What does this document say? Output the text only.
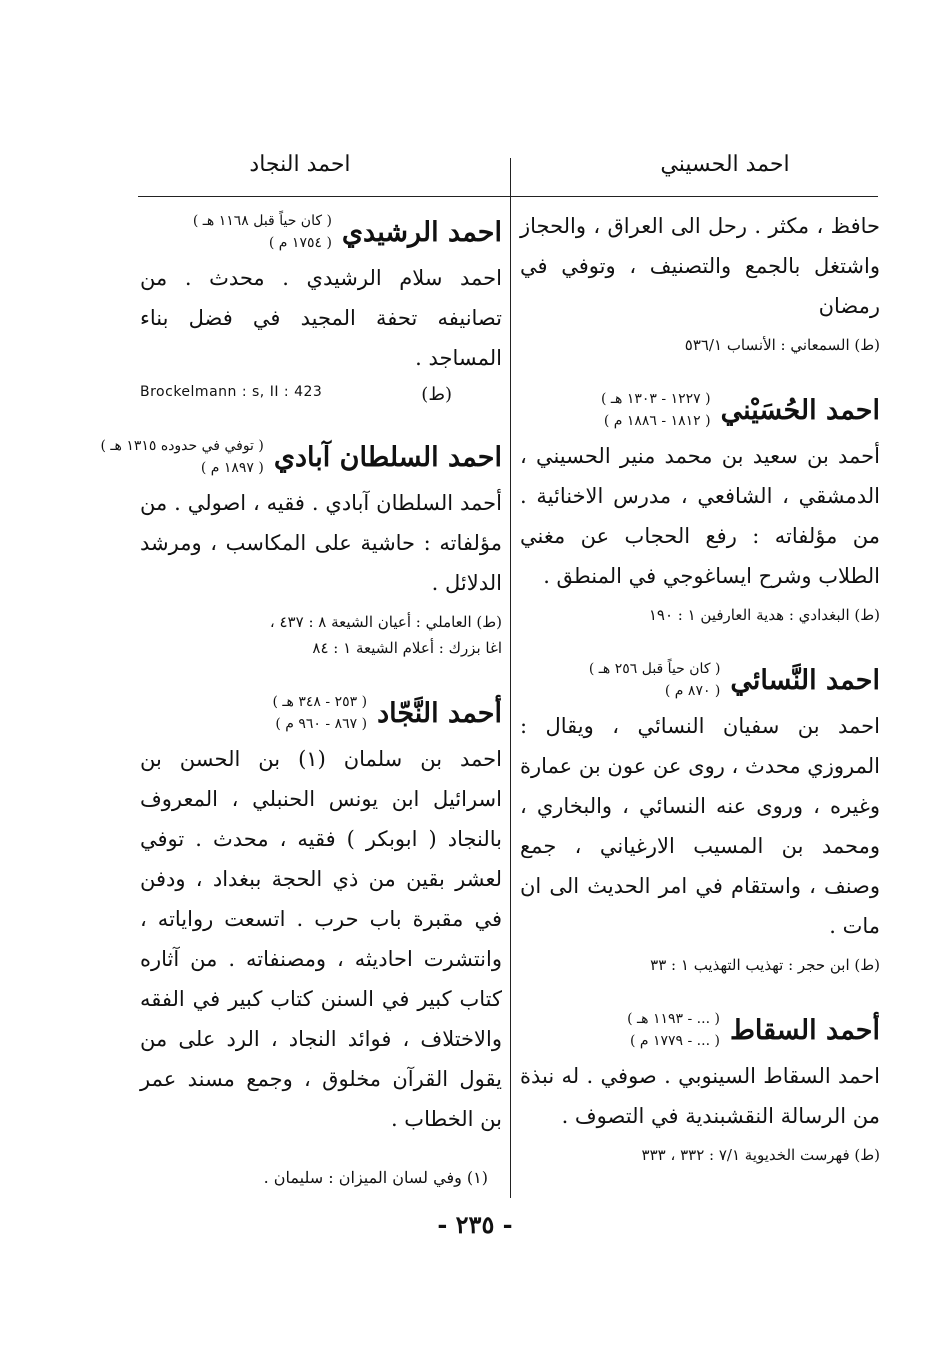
احمد الحسيني
احمد النجاد

حافظ ، مكثر . رحل الى العراق ، والحجاز واشتغل بالجمع والتصنيف ، وتوفي في رمضان

(ط) السمعاني : الأنساب ٥٣٦/١
احمد الحُسَيْني
( ١٢٢٧ - ١٣٠٣ هـ )
( ١٨١٢ - ١٨٨٦ م )

أحمد بن سعيد بن محمد منير الحسيني ، الدمشقي ، الشافعي ، مدرس الاخنائية . من مؤلفاته : رفع الحجاب عن مغني الطلاب وشرح ايساغوجي في المنطق .

(ط) البغدادي : هدية العارفين ١ : ١٩٠
احمد النَّسائي
( كان حياً قبل ٢٥٦ هـ )
( ٨٧٠ م )

احمد بن سفيان النسائي ، ويقال : المروزي محدث ، روى عن عون بن عمارة وغيره ، وروى عنه النسائي ، والبخاري ، ومحمد بن المسيب الارغياني ، جمع وصنف ، واستقام في امر الحديث الى ان مات .

(ط) ابن حجر : تهذيب التهذيب ١ : ٣٣
أحمد السقاط
( ... - ١١٩٣ هـ )
( ... - ١٧٧٩ م )

احمد السقاط السينوبي . صوفي . له نبذة من الرسالة النقشبندية في التصوف .

(ط) فهرست الخديوية ٧/١ : ٣٣٢ ، ٣٣٣
احمد الرشيدي
( كان حياً قبل ١١٦٨ هـ )
( ١٧٥٤ م )

احمد سلام الرشيدي . محدث . من تصانيفه تحفة المجيد في فضل بناء المساجد .

Brockelmann : s, II : 423	(ط)
احمد السلطان آبادي
( توفي في حدوده ١٣١٥ هـ )
( ١٨٩٧ م )

أحمد السلطان آبادي . فقيه ، اصولي . من مؤلفاته : حاشية على المكاسب ، ومرشد الدلائل .

(ط) العاملي : أعيان الشيعة ٨ : ٤٣٧ ،
اغا بزرك : أعلام الشيعة ١ : ٨٤
أحمد النَّجّاد
( ٢٥٣ - ٣٤٨ هـ )
( ٨٦٧ - ٩٦٠ م )

احمد بن سلمان (١) بن الحسن بن اسرائيل ابن يونس الحنبلي ، المعروف بالنجاد ( ابوبكر ) فقيه ، محدث . توفي لعشر بقين من ذي الحجة ببغداد ، ودفن في مقبرة باب حرب . اتسعت رواياته ، وانتشرت احاديثه ، ومصنفاته . من آثاره كتاب كبير في السنن كتاب كبير في الفقه والاختلاف ، فوائد النجاد ، الرد على من يقول القرآن مخلوق ، وجمع مسند عمر بن الخطاب .

(١) وفي لسان الميزان : سليمان .
- ٢٣٥ -
